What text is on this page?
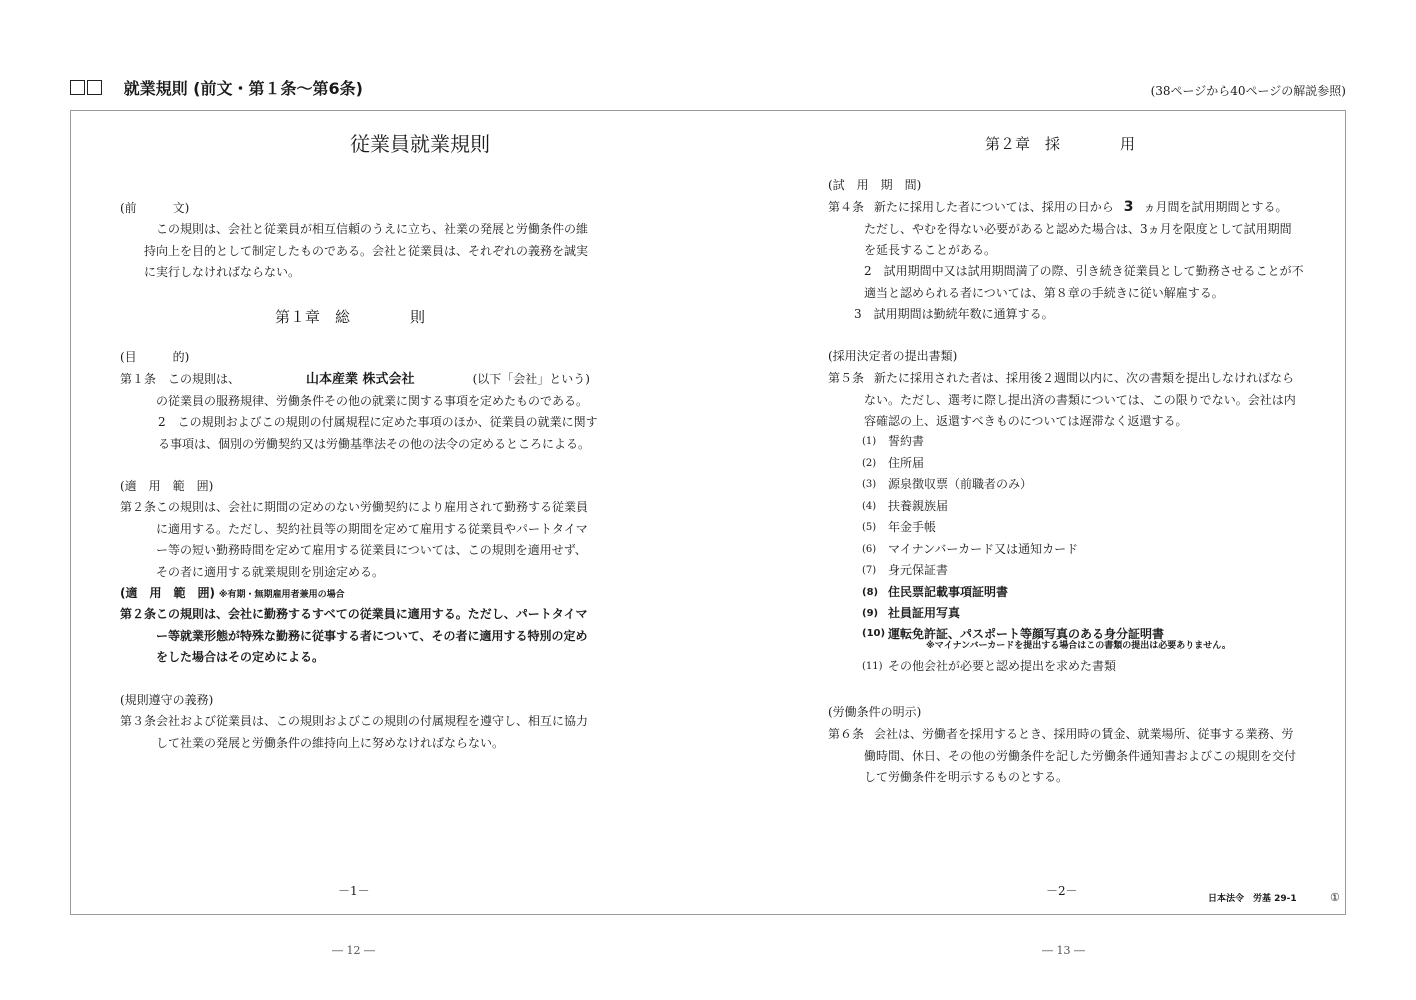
就業規則 (前文・第１条〜第6条)	(38ページから40ページの解説参照)
従業員就業規則
(前　　　文)
この規則は、会社と従業員が相互信頼のうえに立ち、社業の発展と労働条件の維持向上を目的として制定したものである。会社と従業員は、それぞれの義務を誠実に実行しなければならない。
第１章　総　　　　則
(目　　　的)
第１条 この規則は、	山本産業 株式会社	(以下「会社」という)
の従業員の服務規律、労働条件その他の就業に関する事項を定めたものである。
2　この規則およびこの規則の付属規程に定めた事項のほか、従業員の就業に関する事項は、個別の労働契約又は労働基準法その他の法令の定めるところによる。
(適　用　範　囲)
第２条 この規則は、会社に期間の定めのない労働契約により雇用されて勤務する従業員に適用する。ただし、契約社員等の期間を定めて雇用する従業員やパートタイマー等の短い勤務時間を定めて雇用する従業員については、この規則を適用せず、その者に適用する就業規則を別途定める。
(適　用　範　囲) ※有期・無期雇用者兼用の場合
第２条 この規則は、会社に勤務するすべての従業員に適用する。ただし、パートタイマー等就業形態が特殊な勤務に従事する者について、その者に適用する特別の定めをした場合はその定めによる。
(規則遵守の義務)
第３条 会社および従業員は、この規則およびこの規則の付属規程を遵守し、相互に協力して社業の発展と労働条件の維持向上に努めなければならない。
－1－
― 12 ―
第２章　採　　　　用
(試　用　期　間)
第４条 新たに採用した者については、採用の日から 3 ヵ月間を試用期間とする。ただし、やむを得ない必要があると認めた場合は、3ヵ月を限度として試用期間を延長することがある。
2　試用期間中又は試用期間満了の際、引き続き従業員として勤務させることが不適当と認められる者については、第８章の手続きに従い解雇する。
3　試用期間は勤続年数に通算する。
(採用決定者の提出書類)
第５条 新たに採用された者は、採用後２週間以内に、次の書類を提出しなければならない。ただし、選考に際し提出済の書類については、この限りでない。会社は内容確認の上、返還すべきものについては遅滞なく返還する。
(1) 誓約書
(2) 住所届
(3) 源泉徴収票（前職者のみ）
(4) 扶養親族届
(5) 年金手帳
(6) マイナンバーカード又は通知カード
(7) 身元保証書
(8) 住民票記載事項証明書
(9) 社員証用写真
(10) 運転免許証、パスポート等顔写真のある身分証明書
※マイナンバーカードを提出する場合はこの書類の提出は必要ありません。
(11) その他会社が必要と認め提出を求めた書類
(労働条件の明示)
第６条 会社は、労働者を採用するとき、採用時の賃金、就業場所、従事する業務、労働時間、休日、その他の労働条件を記した労働条件通知書およびこの規則を交付して労働条件を明示するものとする。
－2－
日本法令　労基 29-1	①
― 13 ―
